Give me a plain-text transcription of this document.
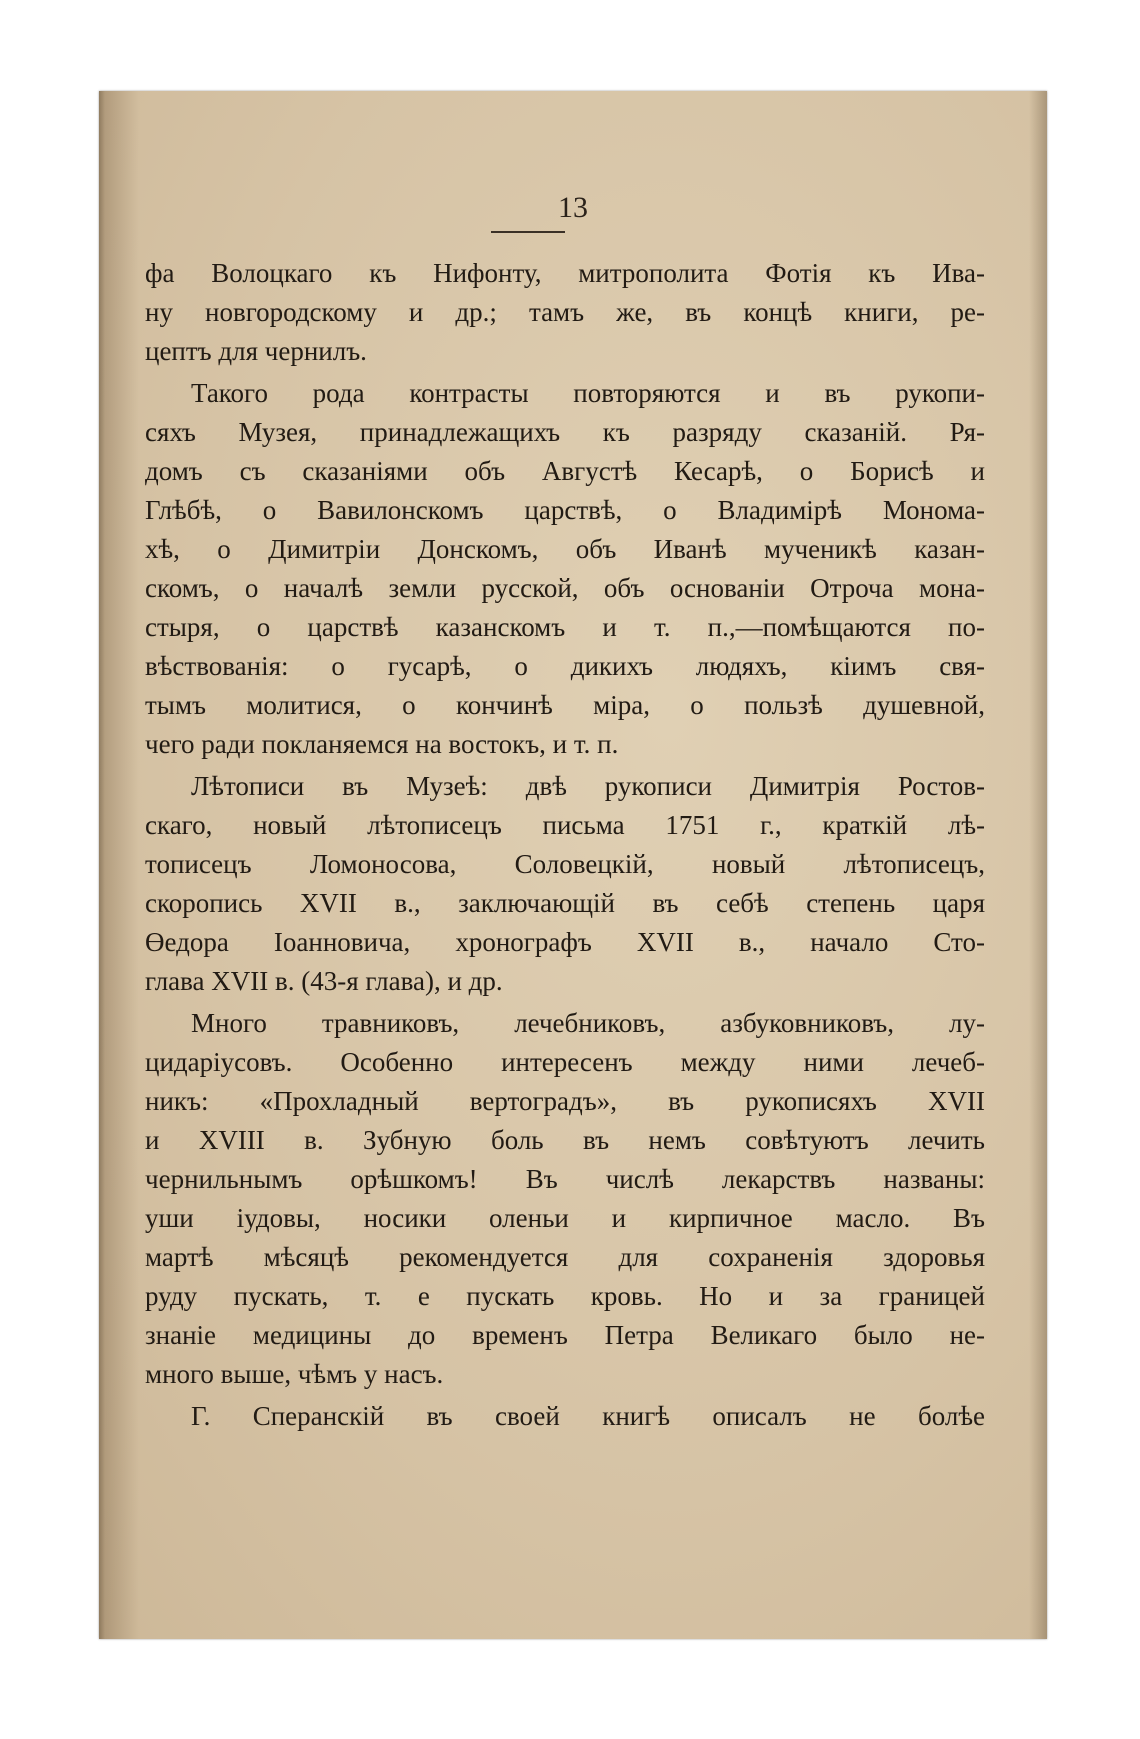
13
фа Волоцкаго къ Нифонту, митрополита Фотія къ Ива-
ну новгородскому и др.; тамъ же, въ концѣ книги, ре-
цептъ для чернилъ.
Такого рода контрасты повторяются и въ рукопи-
сяхъ Музея, принадлежащихъ къ разряду сказаній. Ря-
домъ съ сказаніями объ Августѣ Кесарѣ, о Борисѣ и
Глѣбѣ, о Вавилонскомъ царствѣ, о Владимірѣ Монома-
хѣ, о Димитріи Донскомъ, объ Иванѣ мученикѣ казан-
скомъ, о началѣ земли русской, объ основаніи Отроча мона-
стыря, о царствѣ казанскомъ и т. п.,—помѣщаются по-
вѣствованія: о гусарѣ, о дикихъ людяхъ, кіимъ свя-
тымъ молитися, о кончинѣ міра, о пользѣ душевной,
чего ради покланяемся на востокъ, и т. п.
Лѣтописи въ Музеѣ: двѣ рукописи Димитрія Ростов-
скаго, новый лѣтописецъ письма 1751 г., краткій лѣ-
тописецъ Ломоносова, Соловецкій, новый лѣтописецъ,
скоропись XVII в., заключающій въ себѣ степень царя
Өедора Іоанновича, хронографъ XVII в., начало Сто-
глава XVII в. (43-я глава), и др.
Много травниковъ, лечебниковъ, азбуковниковъ, лу-
цидаріусовъ. Особенно интересенъ между ними лечеб-
никъ: «Прохладный вертоградъ», въ рукописяхъ XVII
и XVIII в. Зубную боль въ немъ совѣтуютъ лечить
чернильнымъ орѣшкомъ! Въ числѣ лекарствъ названы:
уши іудовы, носики оленьи и кирпичное масло. Въ
мартѣ мѣсяцѣ рекомендуется для сохраненія здоровья
руду пускать, т. е пускать кровь. Но и за границей
знаніе медицины до временъ Петра Великаго было не-
много выше, чѣмъ у насъ.
Г. Сперанскій въ своей книгѣ описалъ не болѣе
